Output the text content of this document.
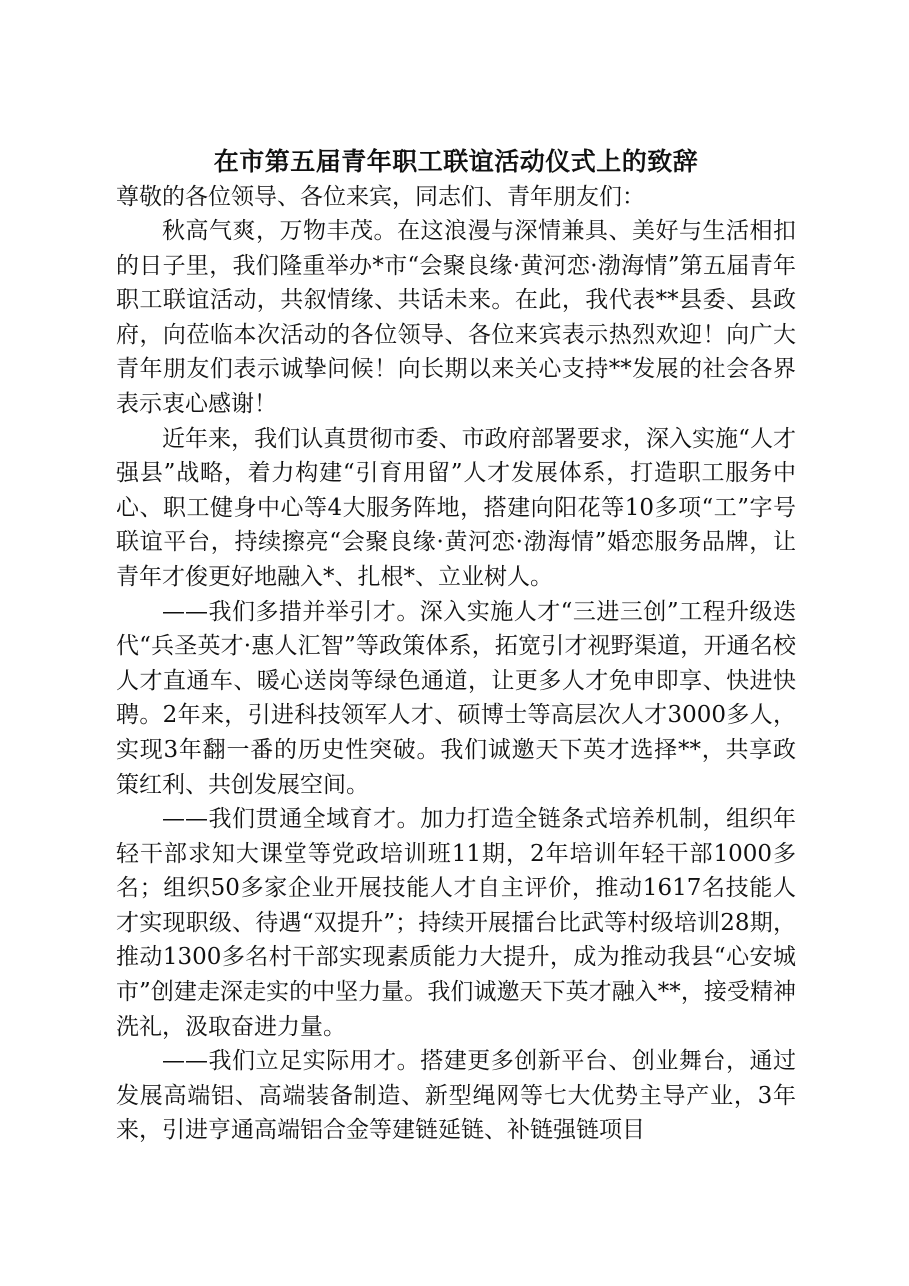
在市第五届青年职工联谊活动仪式上的致辞

尊敬的各位领导、各位来宾，同志们、青年朋友们：

秋高气爽，万物丰茂。在这浪漫与深情兼具、美好与生活相扣的日子里，我们隆重举办*市“会聚良缘·黄河恋·渤海情”第五届青年职工联谊活动，共叙情缘、共话未来。在此，我代表**县委、县政府，向莅临本次活动的各位领导、各位来宾表示热烈欢迎！向广大青年朋友们表示诚挚问候！向长期以来关心支持**发展的社会各界表示衷心感谢！

近年来，我们认真贯彻市委、市政府部署要求，深入实施“人才强县”战略，着力构建“引育用留”人才发展体系，打造职工服务中心、职工健身中心等4大服务阵地，搭建向阳花等10多项“工”字号联谊平台，持续擦亮“会聚良缘·黄河恋·渤海情”婚恋服务品牌，让青年才俊更好地融入*、扎根*、立业树人。

——我们多措并举引才。深入实施人才“三进三创”工程升级迭代“兵圣英才·惠人汇智”等政策体系，拓宽引才视野渠道，开通名校人才直通车、暖心送岗等绿色通道，让更多人才免申即享、快进快聘。2年来，引进科技领军人才、硕博士等高层次人才3000多人，实现3年翻一番的历史性突破。我们诚邀天下英才选择**，共享政策红利、共创发展空间。

——我们贯通全域育才。加力打造全链条式培养机制，组织年轻干部求知大课堂等党政培训班11期，2年培训年轻干部1000多名；组织50多家企业开展技能人才自主评价，推动1617名技能人才实现职级、待遇“双提升”；持续开展擂台比武等村级培训28期，推动1300多名村干部实现素质能力大提升，成为推动我县“心安城市”创建走深走实的中坚力量。我们诚邀天下英才融入**，接受精神洗礼，汲取奋进力量。

——我们立足实际用才。搭建更多创新平台、创业舞台，通过发展高端铝、高端装备制造、新型绳网等七大优势主导产业，3年来，引进亨通高端铝合金等建链延链、补链强链项目
